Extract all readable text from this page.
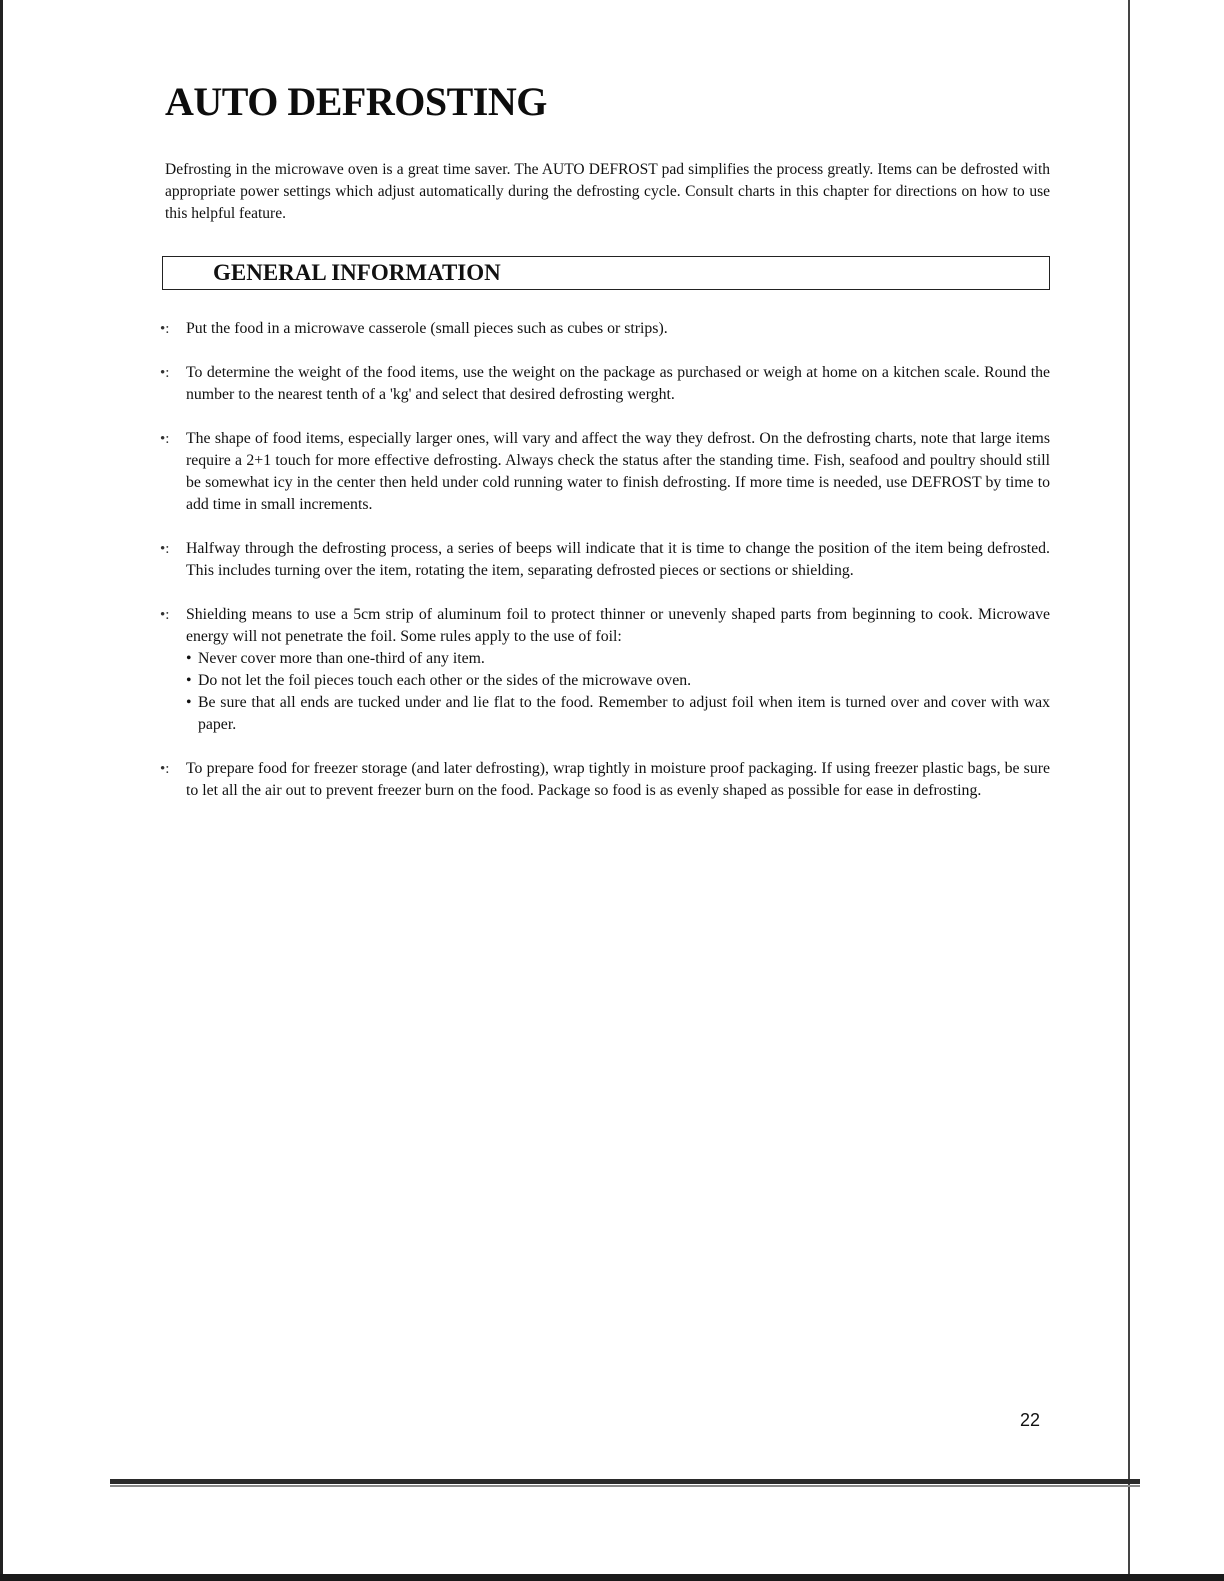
AUTO DEFROSTING

Defrosting in the microwave oven is a great time saver. The AUTO DEFROST pad simplifies the process greatly. Items can be defrosted with appropriate power settings which adjust automatically during the defrosting cycle. Consult charts in this chapter for directions on how to use this helpful feature.

GENERAL INFORMATION
•: Put the food in a microwave casserole (small pieces such as cubes or strips).
•: To determine the weight of the food items, use the weight on the package as purchased or weigh at home on a kitchen scale. Round the number to the nearest tenth of a 'kg' and select that desired defrosting werght.
•: The shape of food items, especially larger ones, will vary and affect the way they defrost. On the defrosting charts, note that large items require a 2+1 touch for more effective defrosting. Always check the status after the standing time. Fish, seafood and poultry should still be somewhat icy in the center then held under cold running water to finish defrosting. If more time is needed, use DEFROST by time to add time in small increments.
•: Halfway through the defrosting process, a series of beeps will indicate that it is time to change the position of the item being defrosted. This includes turning over the item, rotating the item, separating defrosted pieces or sections or shielding.
•: Shielding means to use a 5cm strip of aluminum foil to protect thinner or unevenly shaped parts from beginning to cook. Microwave energy will not penetrate the foil. Some rules apply to the use of foil:
• Never cover more than one-third of any item.
• Do not let the foil pieces touch each other or the sides of the microwave oven.
• Be sure that all ends are tucked under and lie flat to the food. Remember to adjust foil when item is turned over and cover with wax paper.
•: To prepare food for freezer storage (and later defrosting), wrap tightly in moisture proof packaging. If using freezer plastic bags, be sure to let all the air out to prevent freezer burn on the food. Package so food is as evenly shaped as possible for ease in defrosting.
22
